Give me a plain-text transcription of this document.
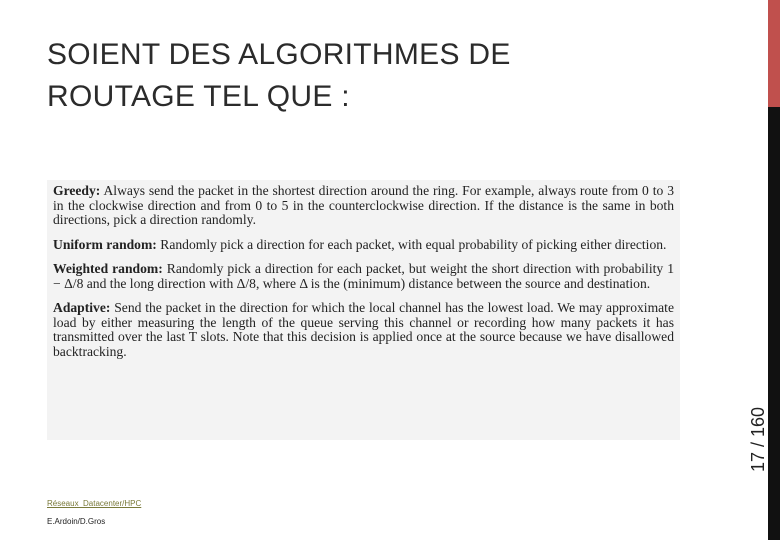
SOIENT DES ALGORITHMES DE ROUTAGE TEL QUE :

Greedy: Always send the packet in the shortest direction around the ring. For example, always route from 0 to 3 in the clockwise direction and from 0 to 5 in the counterclockwise direction. If the distance is the same in both directions, pick a direction randomly.

Uniform random: Randomly pick a direction for each packet, with equal probability of picking either direction.

Weighted random: Randomly pick a direction for each packet, but weight the short direction with probability 1 − Δ/8 and the long direction with Δ/8, where Δ is the (minimum) distance between the source and destination.

Adaptive: Send the packet in the direction for which the local channel has the lowest load. We may approximate load by either measuring the length of the queue serving this channel or recording how many packets it has transmitted over the last T slots. Note that this decision is applied once at the source because we have disallowed backtracking.

17 / 160
Réseaux_Datacenter/HPC
E.Ardoin/D.Gros
